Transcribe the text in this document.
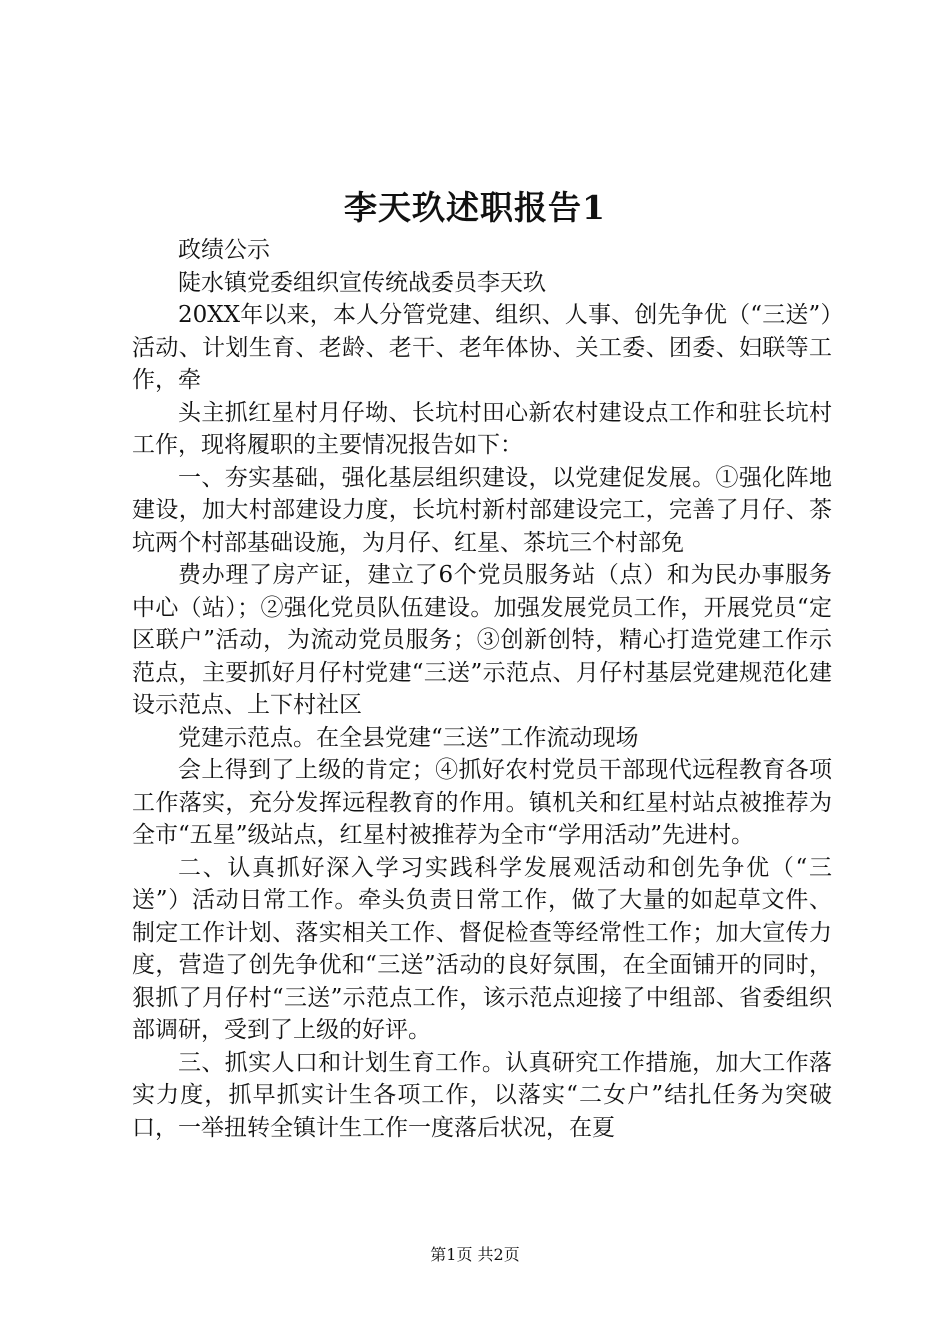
李天玖述职报告1

政绩公示

陡水镇党委组织宣传统战委员李天玖

20XX年以来，本人分管党建、组织、人事、创先争优（“三送”）活动、计划生育、老龄、老干、老年体协、关工委、团委、妇联等工作，牵

头主抓红星村月仔坳、长坑村田心新农村建设点工作和驻长坑村工作，现将履职的主要情况报告如下：

一、夯实基础，强化基层组织建设，以党建促发展。①强化阵地建设，加大村部建设力度，长坑村新村部建设完工，完善了月仔、茶坑两个村部基础设施，为月仔、红星、茶坑三个村部免

费办理了房产证，建立了6个党员服务站（点）和为民办事服务中心（站）；②强化党员队伍建设。加强发展党员工作，开展党员“定区联户”活动，为流动党员服务；③创新创特，精心打造党建工作示范点，主要抓好月仔村党建“三送”示范点、月仔村基层党建规范化建设示范点、上下村社区

党建示范点。在全县党建“三送”工作流动现场

会上得到了上级的肯定；④抓好农村党员干部现代远程教育各项工作落实，充分发挥远程教育的作用。镇机关和红星村站点被推荐为全市“五星”级站点，红星村被推荐为全市“学用活动”先进村。

二、认真抓好深入学习实践科学发展观活动和创先争优（“三送”）活动日常工作。牵头负责日常工作，做了大量的如起草文件、制定工作计划、落实相关工作、督促检查等经常性工作；加大宣传力度，营造了创先争优和“三送”活动的良好氛围，在全面铺开的同时，狠抓了月仔村“三送”示范点工作，该示范点迎接了中组部、省委组织部调研，受到了上级的好评。

三、抓实人口和计划生育工作。认真研究工作措施，加大工作落实力度，抓早抓实计生各项工作，以落实“二女户”结扎任务为突破口，一举扭转全镇计生工作一度落后状况，在夏

第1页 共2页
